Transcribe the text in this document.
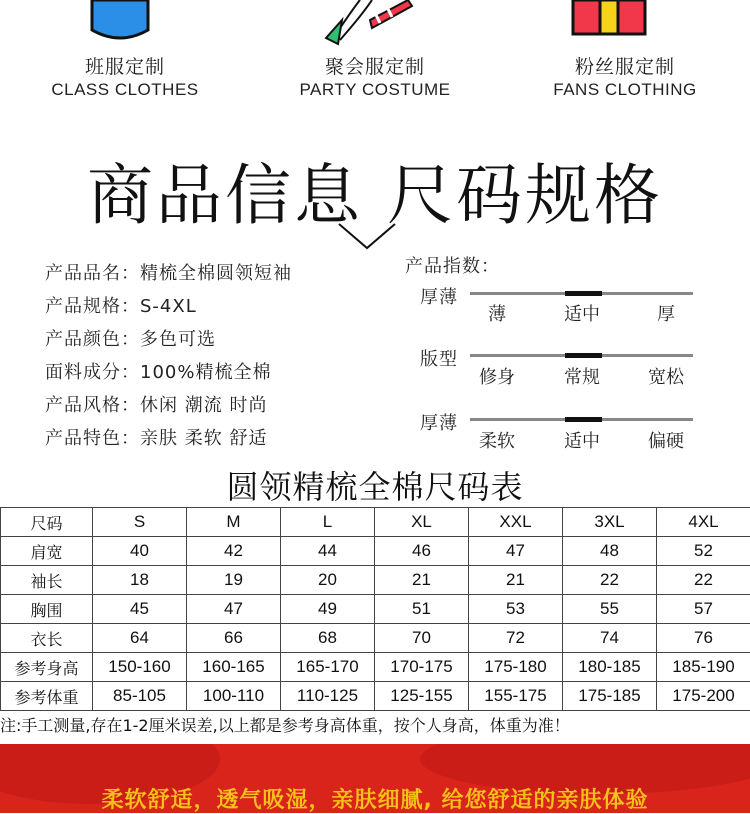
班服定制
CLASS CLOTHES
聚会服定制
PARTY COSTUME
粉丝服定制
FANS CLOTHING
商品信息 尺码规格
产品品名：精梳全棉圆领短袖
产品规格：S-4XL
产品颜色：多色可选
面料成分：100%精梳全棉
产品风格：休闲 潮流 时尚
产品特色：亲肤 柔软 舒适
产品指数：
厚薄
薄	适中	厚
版型
修身	常规	宽松
厚薄
柔软	适中	偏硬
圆领精梳全棉尺码表
尺码	S	M	L	XL	XXL	3XL	4XL
肩宽	40	42	44	46	47	48	52
袖长	18	19	20	21	21	22	22
胸围	45	47	49	51	53	55	57
衣长	64	66	68	70	72	74	76
参考身高	150-160	160-165	165-170	170-175	175-180	180-185	185-190
参考体重	85-105	100-110	110-125	125-155	155-175	175-185	175-200
注:手工测量,存在1-2厘米误差,以上都是参考身高体重，按个人身高，体重为准！
柔软舒适，透气吸湿，亲肤细腻, 给您舒适的亲肤体验
